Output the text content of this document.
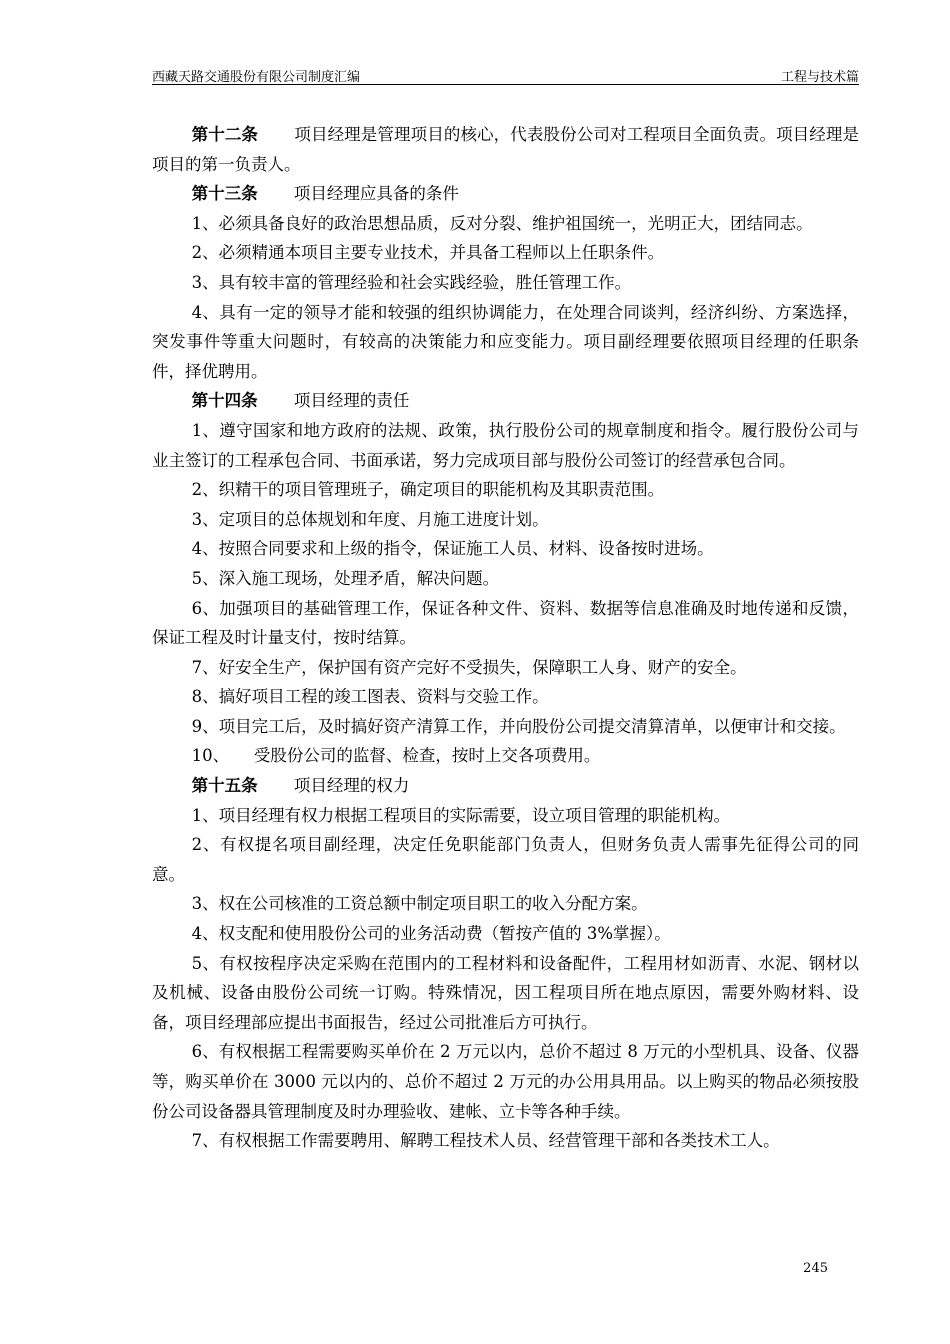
西藏天路交通股份有限公司制度汇编	工程与技术篇

第十二条 项目经理是管理项目的核心，代表股份公司对工程项目全面负责。项目经理是项目的第一负责人。

第十三条 项目经理应具备的条件

1、必须具备良好的政治思想品质，反对分裂、维护祖国统一，光明正大，团结同志。

2、必须精通本项目主要专业技术，并具备工程师以上任职条件。

3、具有较丰富的管理经验和社会实践经验，胜任管理工作。

4、具有一定的领导才能和较强的组织协调能力，在处理合同谈判，经济纠纷、方案选择，突发事件等重大问题时，有较高的决策能力和应变能力。项目副经理要依照项目经理的任职条件，择优聘用。

第十四条 项目经理的责任

1、遵守国家和地方政府的法规、政策，执行股份公司的规章制度和指令。履行股份公司与业主签订的工程承包合同、书面承诺，努力完成项目部与股份公司签订的经营承包合同。

2、织精干的项目管理班子，确定项目的职能机构及其职责范围。

3、定项目的总体规划和年度、月施工进度计划。

4、按照合同要求和上级的指令，保证施工人员、材料、设备按时进场。

5、深入施工现场，处理矛盾，解决问题。

6、加强项目的基础管理工作，保证各种文件、资料、数据等信息准确及时地传递和反馈，保证工程及时计量支付，按时结算。

7、好安全生产，保护国有资产完好不受损失，保障职工人身、财产的安全。

8、搞好项目工程的竣工图表、资料与交验工作。

9、项目完工后，及时搞好资产清算工作，并向股份公司提交清算清单，以便审计和交接。

10、　　受股份公司的监督、检查，按时上交各项费用。

第十五条 项目经理的权力

1、项目经理有权力根据工程项目的实际需要，设立项目管理的职能机构。

2、有权提名项目副经理，决定任免职能部门负责人，但财务负责人需事先征得公司的同意。

3、权在公司核准的工资总额中制定项目职工的收入分配方案。

4、权支配和使用股份公司的业务活动费（暂按产值的 3%掌握）。

5、有权按程序决定采购在范围内的工程材料和设备配件，工程用材如沥青、水泥、钢材以及机械、设备由股份公司统一订购。特殊情况，因工程项目所在地点原因，需要外购材料、设备，项目经理部应提出书面报告，经过公司批准后方可执行。

6、有权根据工程需要购买单价在 2 万元以内，总价不超过 8 万元的小型机具、设备、仪器等，购买单价在 3000 元以内的、总价不超过 2 万元的办公用具用品。以上购买的物品必须按股份公司设备器具管理制度及时办理验收、建帐、立卡等各种手续。

7、有权根据工作需要聘用、解聘工程技术人员、经营管理干部和各类技术工人。

245
